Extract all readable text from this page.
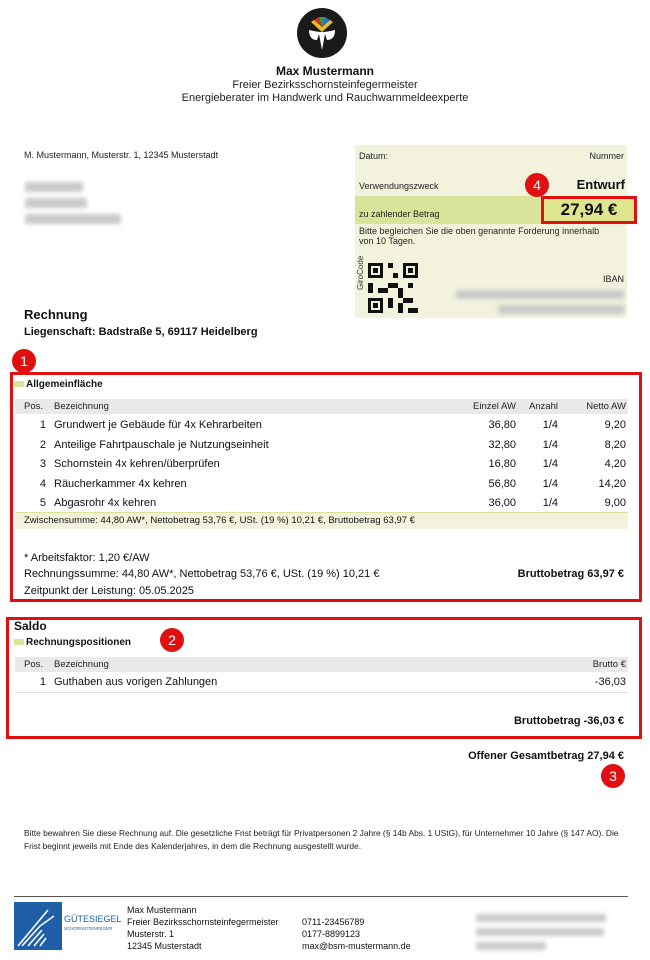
Max Mustermann
Freier Bezirksschornsteinfegermeister
Energieberater im Handwerk und Rauchwarnmeldeexperte
M. Mustermann, Musterstr. 1, 12345 Musterstadt	Datum:	Nummer
Verwendungszweck	Entwurf
zu zahlender Betrag	27,94 €
Bitte begleichen Sie die oben genannte Forderung innerhalb von 10 Tagen.
GiroCode	IBAN
Rechnung
Liegenschaft: Badstraße 5, 69117 Heidelberg
1
Allgemeinfläche
Pos. Bezeichnung	Einzel AW	Anzahl	Netto AW
1 Grundwert je Gebäude für 4x Kehrarbeiten	36,80	1/4	9,20
2 Anteilige Fahrtpauschale je Nutzungseinheit	32,80	1/4	8,20
3 Schornstein 4x kehren/überprüfen	16,80	1/4	4,20
4 Räucherkammer 4x kehren	56,80	1/4	14,20
5 Abgasrohr 4x kehren	36,00	1/4	9,00
Zwischensumme: 44,80 AW*, Nettobetrag 53,76 €, USt. (19 %) 10,21 €, Bruttobetrag 63,97 €
* Arbeitsfaktor: 1,20 €/AW
Rechnungssumme: 44,80 AW*, Nettobetrag 53,76 €, USt. (19 %) 10,21 €	Bruttobetrag 63,97 €
Zeitpunkt der Leistung: 05.05.2025
Saldo
2
Rechnungspositionen
Pos. Bezeichnung	Brutto €
1 Guthaben aus vorigen Zahlungen	-36,03
Bruttobetrag -36,03 €
Offener Gesamtbetrag 27,94 €
3
4
Bitte bewahren Sie diese Rechnung auf. Die gesetzliche Frist beträgt für Privatpersonen 2 Jahre (§ 14b Abs. 1 UStG), für Unternehmer 10 Jahre (§ 147 AO). Die Frist beginnt jeweils mit Ende des Kalenderjahres, in dem die Rechnung ausgestellt wurde.
GÜTESIEGEL
SCHORNSTEINFEGER
Max Mustermann
Freier Bezirksschornsteinfegermeister
Musterstr. 1
12345 Musterstadt
0711-23456789
0177-8899123
max@bsm-mustermann.de
